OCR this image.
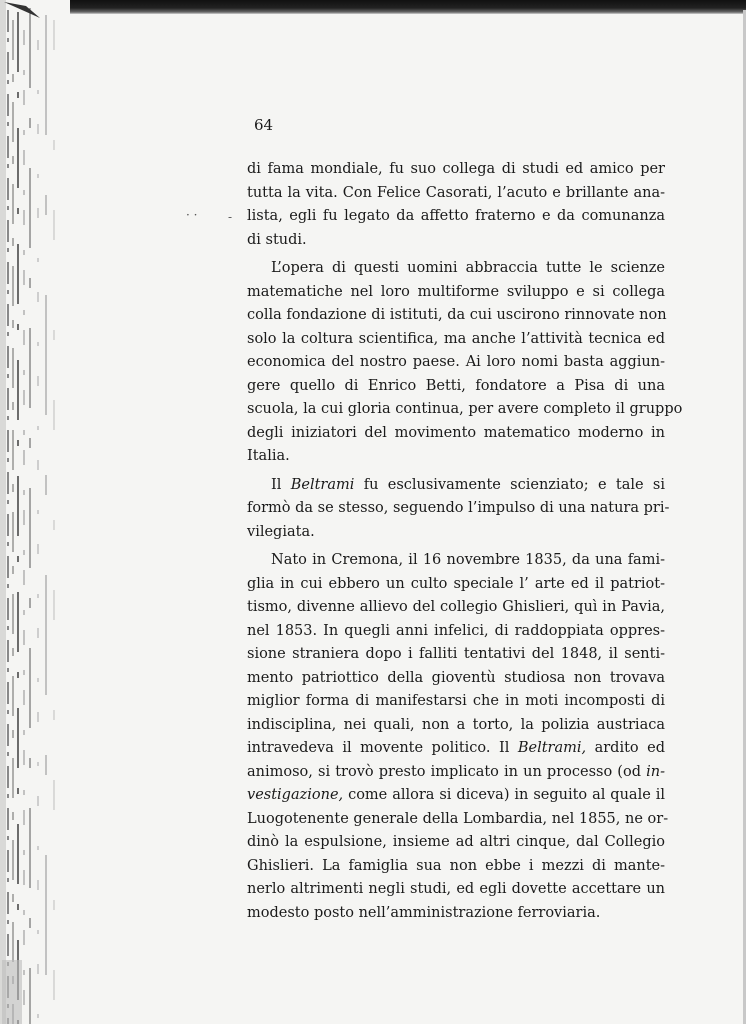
· ·	-

64

di fama mondiale, fu suo collega di studi ed amico per
tutta la vita. Con Felice Casorati, l’acuto e brillante ana-
lista, egli fu legato da affetto fraterno e da comunanza
di studi.
L’opera di questi uomini abbraccia tutte le scienze
matematiche nel loro multiforme sviluppo e si collega
colla fondazione di istituti, da cui uscirono rinnovate non
solo la coltura scientifica, ma anche l’attività tecnica ed
economica del nostro paese. Ai loro nomi basta aggiun-
gere quello di Enrico Betti, fondatore a Pisa di una
scuola, la cui gloria continua, per avere completo il gruppo
degli iniziatori del movimento matematico moderno in
Italia.
Il Beltrami fu esclusivamente scienziato; e tale si
formò da se stesso, seguendo l’impulso di una natura pri-
vilegiata.
Nato in Cremona, il 16 novembre 1835, da una fami-
glia in cui ebbero un culto speciale l’ arte ed il patriot-
tismo, divenne allievo del collegio Ghislieri, quì in Pavia,
nel 1853. In quegli anni infelici, di raddoppiata oppres-
sione straniera dopo i falliti tentativi del 1848, il senti-
mento patriottico della gioventù studiosa non trovava
miglior forma di manifestarsi che in moti incomposti di
indisciplina, nei quali, non a torto, la polizia austriaca
intravedeva il movente politico. Il Beltrami, ardito ed
animoso, si trovò presto implicato in un processo (od in-
vestigazione, come allora si diceva) in seguito al quale il
Luogotenente generale della Lombardia, nel 1855, ne or-
dinò la espulsione, insieme ad altri cinque, dal Collegio
Ghislieri. La famiglia sua non ebbe i mezzi di mante-
nerlo altrimenti negli studi, ed egli dovette accettare un
modesto posto nell’amministrazione ferroviaria.
